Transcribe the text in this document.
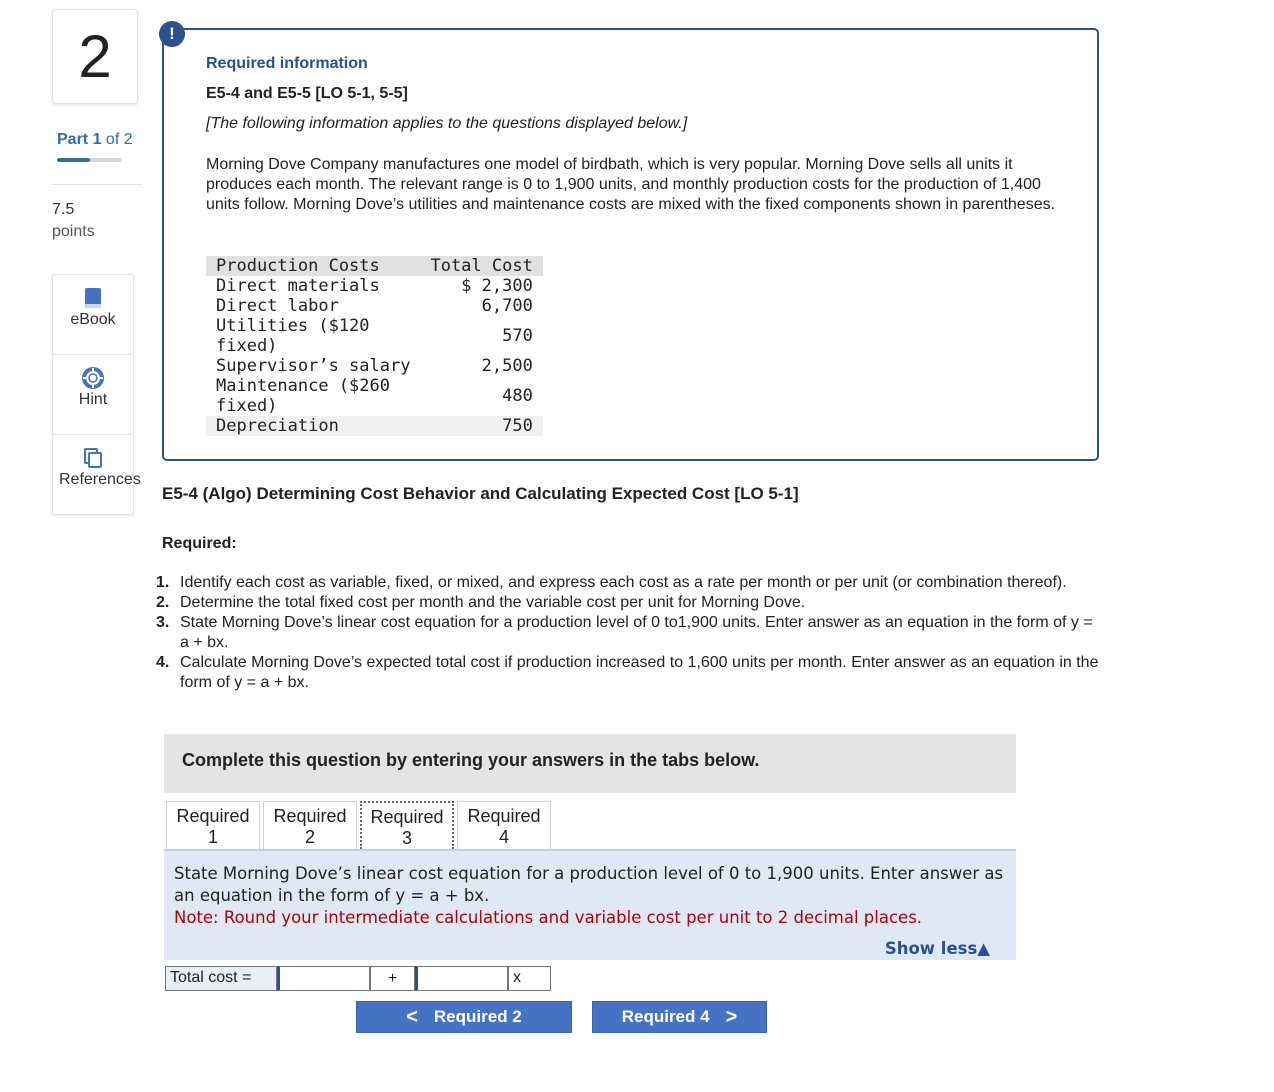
2
Part 1 of 2
7.5
points
eBook
Hint
References
!
Required information
E5-4 and E5-5 [LO 5-1, 5-5]
[The following information applies to the questions displayed below.]
Morning Dove Company manufactures one model of birdbath, which is very popular. Morning Dove sells all units it produces each month. The relevant range is 0 to 1,900 units, and monthly production costs for the production of 1,400 units follow. Morning Dove’s utilities and maintenance costs are mixed with the fixed components shown in parentheses.
Production Costs	Total Cost
Direct materials	$ 2,300
Direct labor	6,700
Utilities ($120
fixed)	570
Supervisor’s salary	2,500
Maintenance ($260
fixed)	480
Depreciation	750
E5-4 (Algo) Determining Cost Behavior and Calculating Expected Cost [LO 5-1]
Required:
1. Identify each cost as variable, fixed, or mixed, and express each cost as a rate per month or per unit (or combination thereof).
2. Determine the total fixed cost per month and the variable cost per unit for Morning Dove.
3. State Morning Dove’s linear cost equation for a production level of 0 to1,900 units. Enter answer as an equation in the form of y = a + bx.
4. Calculate Morning Dove’s expected total cost if production increased to 1,600 units per month. Enter answer as an equation in the form of y = a + bx.
Complete this question by entering your answers in the tabs below.
Required
1
Required
2
Required
3
Required
4
State Morning Dove’s linear cost equation for a production level of 0 to 1,900 units. Enter answer as an equation in the form of y = a + bx.
Note: Round your intermediate calculations and variable cost per unit to 2 decimal places.
Show less▲
Total cost =	+	x
< Required 2	Required 4 >
